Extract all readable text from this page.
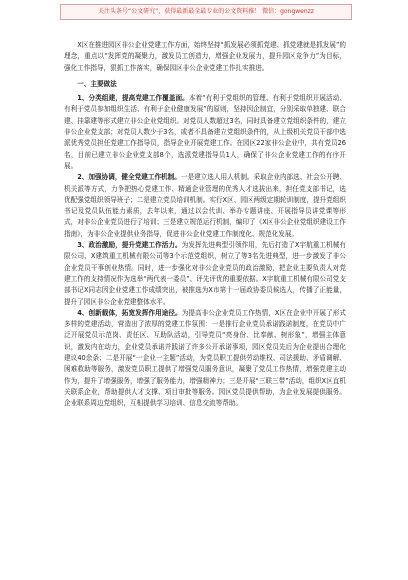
关注头条号“公文研究”，获得最新最全最专业的公文资料推！ 微信：gongwenzz

X区在推进园区非公企业党建工作方面，始终坚持“抓发展必须抓党建、抓党建就是抓发展”的理念，重点以“发挥党的凝聚力，激发员工创造力，增强企业发展力，提升园区竞争力”为目标，强化工作指导，狠抓工作落实，确保园区非公企业党建工作扎实推进。

一、主要做法

1、分类组建，提高党建工作覆盖面。本着“有利于党组织的管理、有利于党组织开展活动、有利于党员参加组织生活、有利于企业健康发展”的原则，坚持因企制宜，分别采取单独建、联合建、挂靠建等形式建立非公企业党组织。对党员人数超过3名，同时具备建立党组织条件的，建立非公企业党支部；对党员人数少于3名，或者不具备建立党组织条件的，从上级机关党员干部中选派优秀党员担任党建工作指导员，指导企业开展党建工作。在园区22家非公企业中，共有党员26名，目前已建立非公企业党支部8个，选派党建指导员1人，确保了非公企业党建工作的有序开展。

2、加强协调，健全党建工作机制。一是建立选人用人机制。采取企业内部选、社会公开聘、机关派等方式，力争把热心党建工作、精通企业管理的优秀人才选拔出来，担任党支部书记，选优配强党组织领导班子；二是建立党员培训机制。实行X区、园区两级定期轮训制度，提升党组织书记及党员队伍能力素质，去年以来，通过以会代训、举办专题讲座、开展指导员讲党课等形式，对非公企业党员进行了培训；三是建立规范运行机制，编印了《X区非公企业党组织建设工作指南》，为非公企业提供业务指导，促进非公企业党建工作制度化、规范化发展。

3、政治激励，提升党建工作活力。为发挥先进典型引领作用，先后打造了X宇航重工机械有限公司、X建筑重工机械有限公司等3个示范党组织，树立了等3名先进典型，进一步激发了非公企业党员干事创业热情。同时，进一步强化对非公企业党员的政治激励，把企业主要负责人对党建工作的支持情况作为选举“两代表一委员”、评先评优的重要依据。X宇航重工机械有限公司党支部书记X同志因企业党建工作成绩突出，被推选为X市第十一届政协委员候选人，传播了正能量，提升了园区非公企业党建整体水平。

4、创新载体，拓宽发挥作用途径。为提高非公企业党员工作热情，X区在企业中开展了形式多样的党建活动，营造出了浓厚的党建工作氛围：一是推行企业党员承诺践诺制度，在党员中广泛开展党员示范岗、责任区、互助队活动，引导党员“亮身份、比奉献、树形象”，增强主体意识，激发内在动力，企业党员承诺并践诺了许多公开承诺事项，园区党员先后为企业提出合理化建议40余条；二是开展“一企业一主题”活动，为党员职工提供劳动维权、司法援助、矛盾调解、困难救助等服务，激发党员职工提供了增强党员服务意识，凝聚了党员工作热情，增强党建主动作为，提升了增强服务，增强了服务能力，增强精神力；三是开展“三联三带”活动，组织X区直机关联系企业，帮助提供人才支撑、项目审批等服务。园区党员提供帮助，为企业发展提供服务。企业联系周边党组织，互相提供学习培训、信息交流等帮助。
